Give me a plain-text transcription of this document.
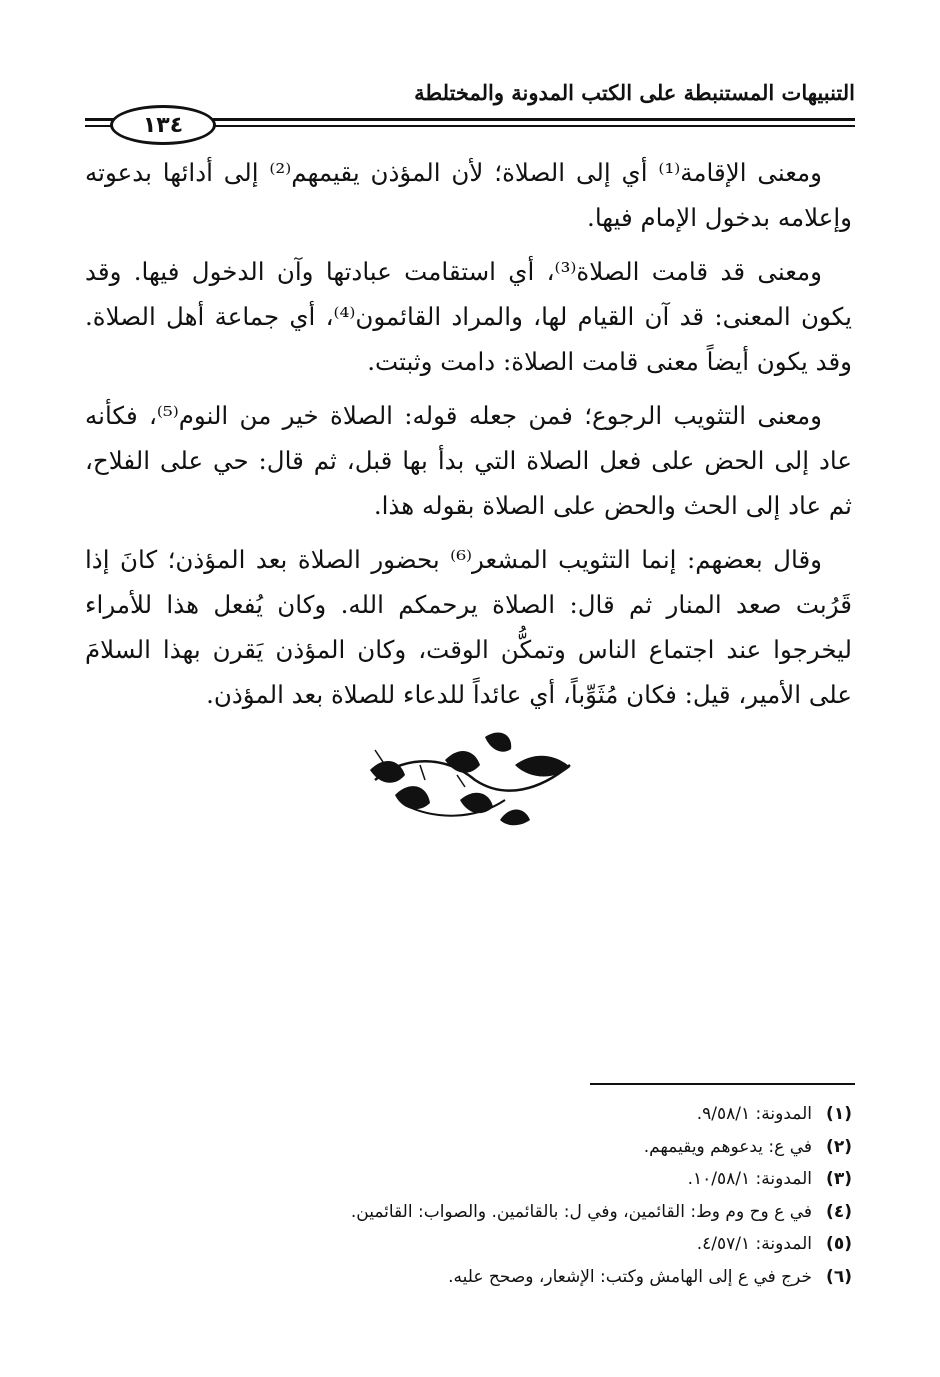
التنبيهات المستنبطة على الكتب المدونة والمختلطة
١٣٤

ومعنى الإقامة⁽¹⁾ أي إلى الصلاة؛ لأن المؤذن يقيمهم⁽²⁾ إلى أدائها بدعوته وإعلامه بدخول الإمام فيها.

ومعنى قد قامت الصلاة⁽³⁾، أي استقامت عبادتها وآن الدخول فيها. وقد يكون المعنى: قد آن القيام لها، والمراد القائمون⁽⁴⁾، أي جماعة أهل الصلاة. وقد يكون أيضاً معنى قامت الصلاة: دامت وثبتت.

ومعنى التثويب الرجوع؛ فمن جعله قوله: الصلاة خير من النوم⁽⁵⁾، فكأنه عاد إلى الحض على فعل الصلاة التي بدأ بها قبل، ثم قال: حي على الفلاح، ثم عاد إلى الحث والحض على الصلاة بقوله هذا.

وقال بعضهم: إنما التثويب المشعر⁽⁶⁾ بحضور الصلاة بعد المؤذن؛ كانَ إذا قَرُبت صعد المنار ثم قال: الصلاة يرحمكم الله. وكان يُفعل هذا للأمراء ليخرجوا عند اجتماع الناس وتمكُّن الوقت، وكان المؤذن يَقرن بهذا السلامَ على الأمير، قيل: فكان مُثَوِّباً، أي عائداً للدعاء للصلاة بعد المؤذن.

(١)
المدونة: ٩/٥٨/١.
(٢)
في ع: يدعوهم ويقيمهم.
(٣)
المدونة: ١٠/٥٨/١.
(٤)
في ع وح وم وط: القائمين، وفي ل: بالقائمين. والصواب: القائمين.
(٥)
المدونة: ٤/٥٧/١.
(٦)
خرج في ع إلى الهامش وكتب: الإشعار، وصحح عليه.
